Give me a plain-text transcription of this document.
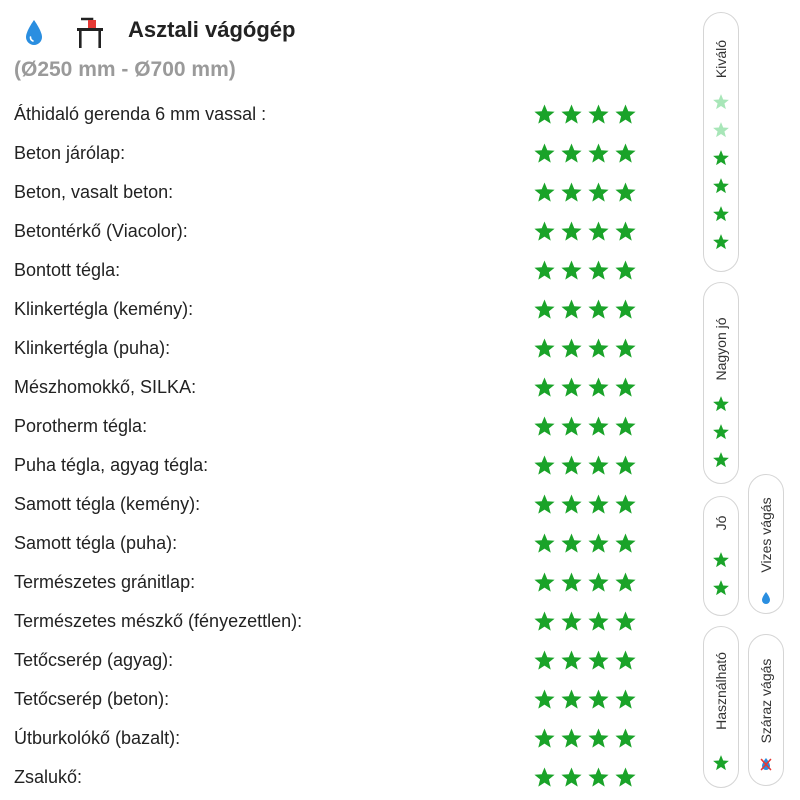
Asztali vágógép
(Ø250 mm - Ø700 mm)
Áthidaló gerenda 6 mm vassal :
Beton járólap:
Beton, vasalt beton:
Betontérkő (Viacolor):
Bontott tégla:
Klinkertégla (kemény):
Klinkertégla (puha):
Mészhomokkő, SILKA:
Porotherm tégla:
Puha tégla, agyag tégla:
Samott tégla (kemény):
Samott tégla (puha):
Természetes gránitlap:
Természetes mészkő (fényezettlen):
Tetőcserép (agyag):
Tetőcserép (beton):
Útburkolókő (bazalt):
Zsalukő:
Kiváló
Nagyon jó
Jó
Használható
Vizes vágás
Száraz vágás
